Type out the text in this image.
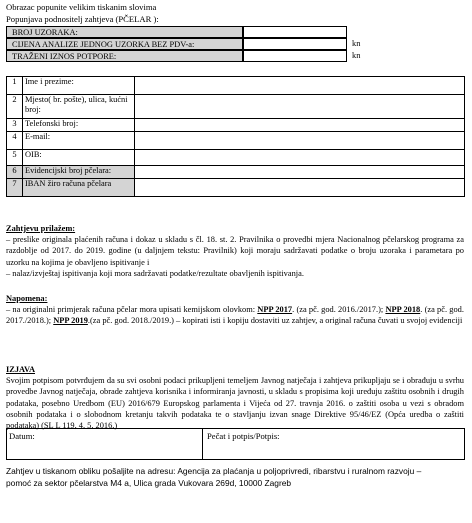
Obrazac popunite velikim tiskanim slovima
Popunjava podnositelj zahtjeva (PČELAR ):
BROJ UZORAKA:
CIJENA ANALIZE JEDNOG UZORKA BEZ PDV-a:	kn
TRAŽENI IZNOS POTPORE:	kn
1	Ime i prezime:	
2	Mjesto( br. pošte), ulica, kućni broj:	
3	Telefonski broj:	
4	E-mail:	
5	OIB:	
6	Evidencijski broj pčelara:	
7	IBAN žiro računa pčelara	

Zahtjevu prilažem:

– preslike originala plaćenih računa i dokaz u skladu s čl. 18. st. 2. Pravilnika o provedbi mjera Nacionalnog pčelarskog programa za razdoblje od 2017. do 2019. godine (u daljnjem tekstu: Pravilnik) koji moraju sadržavati podatke o broju uzoraka i parametara po uzorku na kojima je obavljeno ispitivanje i

– nalaz/izvještaj ispitivanja koji mora sadržavati podatke/rezultate obavljenih ispitivanja.

Napomena:

– na originalni primjerak računa pčelar mora upisati kemijskom olovkom: NPP 2017. (za pč. god. 2016./2017.); NPP 2018. (za pč. god. 2017./2018.); NPP 2019.(za pč. god. 2018./2019.) – kopirati isti i kopiju dostaviti uz zahtjev, a original računa čuvati u svojoj evidenciji

IZJAVA

Svojim potpisom potvrđujem da su svi osobni podaci prikupljeni temeljem Javnog natječaja i zahtjeva prikupljaju se i obrađuju u svrhu provedbe Javnog natječaja, obrade zahtjeva korisnika i informiranja javnosti, u skladu s propisima koji uređuju zaštitu osobnih i drugih podataka, posebno Uredbom (EU) 2016/679 Europskog parlamenta i Vijeća od 27. travnja 2016. o zaštiti osoba u vezi s obradom osobnih podataka i o slobodnom kretanju takvih podataka te o stavljanju izvan snage Direktive 95/46/EZ (Opća uredba o zaštiti podataka) (SL L 119, 4. 5. 2016.)

Datum:	Pečat i potpis/Potpis:
Zahtjev u tiskanom obliku pošaljite na adresu: Agencija za plaćanja u poljoprivredi, ribarstvu i ruralnom razvoju –
pomoć za sektor pčelarstva M4 a, Ulica grada Vukovara 269d, 10000 Zagreb
